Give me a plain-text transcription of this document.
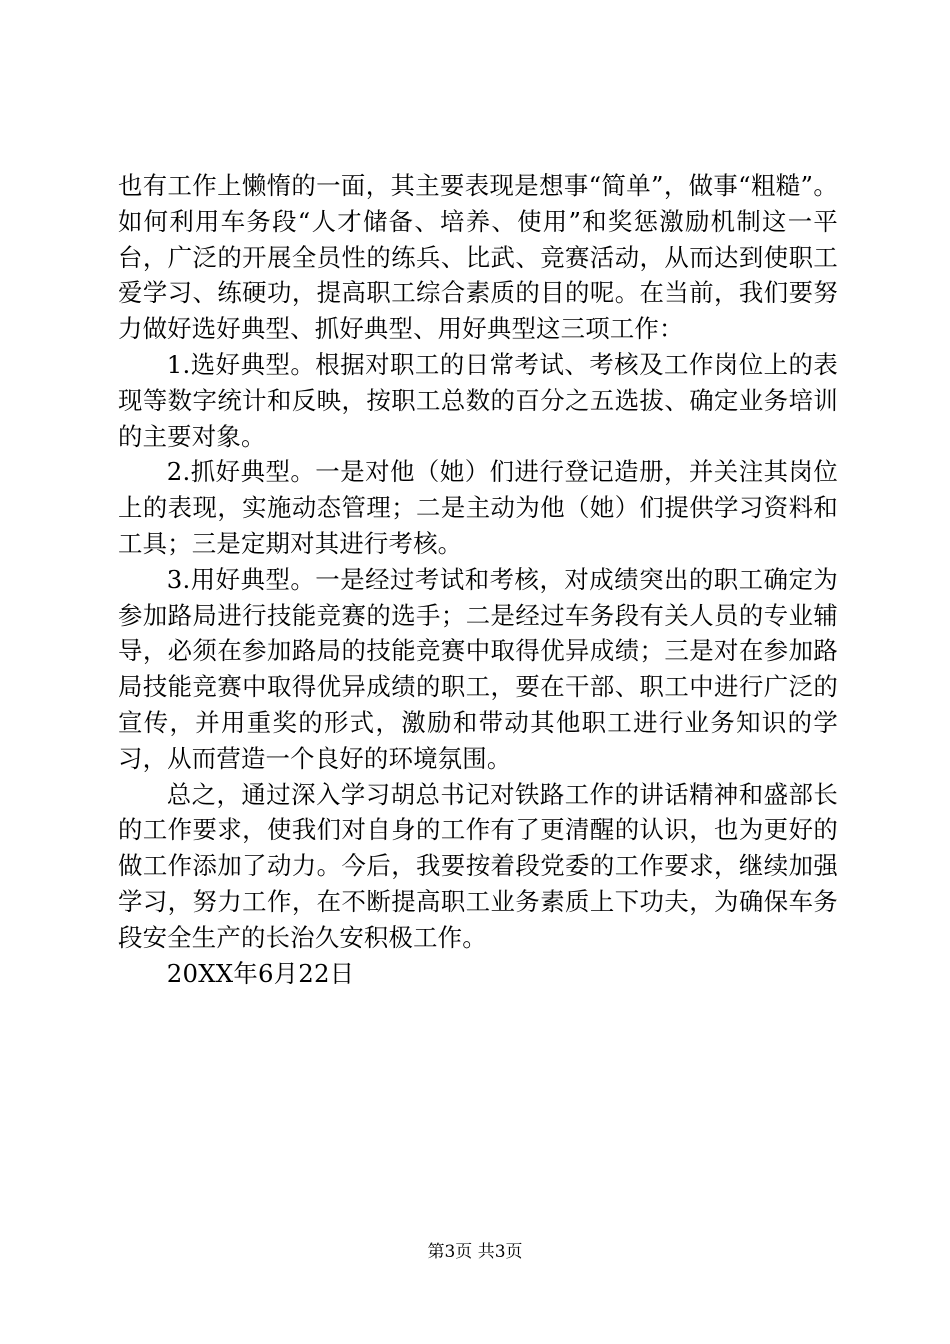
也有工作上懒惰的一面，其主要表现是想事“简单”，做事“粗糙”。如何利用车务段“人才储备、培养、使用”和奖惩激励机制这一平台，广泛的开展全员性的练兵、比武、竞赛活动，从而达到使职工爱学习、练硬功，提高职工综合素质的目的呢。在当前，我们要努力做好选好典型、抓好典型、用好典型这三项工作：

1.选好典型。根据对职工的日常考试、考核及工作岗位上的表现等数字统计和反映，按职工总数的百分之五选拔、确定业务培训的主要对象。

2.抓好典型。一是对他（她）们进行登记造册，并关注其岗位上的表现，实施动态管理；二是主动为他（她）们提供学习资料和工具；三是定期对其进行考核。

3.用好典型。一是经过考试和考核，对成绩突出的职工确定为参加路局进行技能竞赛的选手；二是经过车务段有关人员的专业辅导，必须在参加路局的技能竞赛中取得优异成绩；三是对在参加路局技能竞赛中取得优异成绩的职工，要在干部、职工中进行广泛的宣传，并用重奖的形式，激励和带动其他职工进行业务知识的学习，从而营造一个良好的环境氛围。

总之，通过深入学习胡总书记对铁路工作的讲话精神和盛部长的工作要求，使我们对自身的工作有了更清醒的认识，也为更好的做工作添加了动力。今后，我要按着段党委的工作要求，继续加强学习，努力工作，在不断提高职工业务素质上下功夫，为确保车务段安全生产的长治久安积极工作。

20XX年6月22日

第3页 共3页
